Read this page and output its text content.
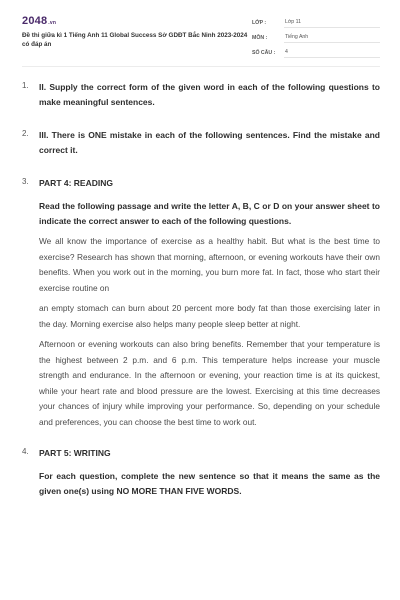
2048.vn
Đề thi giữa kì 1 Tiếng Anh 11 Global Success Sở GDĐT Bắc Ninh 2023-2024 có đáp án
LỚP :	Lớp 11
MÔN :	Tiếng Anh
SỐ CÂU :	4
1. II. Supply the correct form of the given word in each of the following questions to make meaningful sentences.
2. III. There is ONE mistake in each of the following sentences. Find the mistake and correct it.
3. PART 4: READING
Read the following passage and write the letter A, B, C or D on your answer sheet to indicate the correct answer to each of the following questions.
We all know the importance of exercise as a healthy habit. But what is the best time to exercise? Research has shown that morning, afternoon, or evening workouts have their own benefits. When you work out in the morning, you burn more fat. In fact, those who start their exercise routine on
an empty stomach can burn about 20 percent more body fat than those exercising later in the day. Morning exercise also helps many people sleep better at night.
Afternoon or evening workouts can also bring benefits. Remember that your temperature is the highest between 2 p.m. and 6 p.m. This temperature helps increase your muscle strength and endurance. In the afternoon or evening, your reaction time is at its quickest, while your heart rate and blood pressure are the lowest. Exercising at this time decreases your chances of injury while improving your performance. So, depending on your schedule and preferences, you can choose the best time to work out.
4. PART 5: WRITING
For each question, complete the new sentence so that it means the same as the given one(s) using NO MORE THAN FIVE WORDS.
